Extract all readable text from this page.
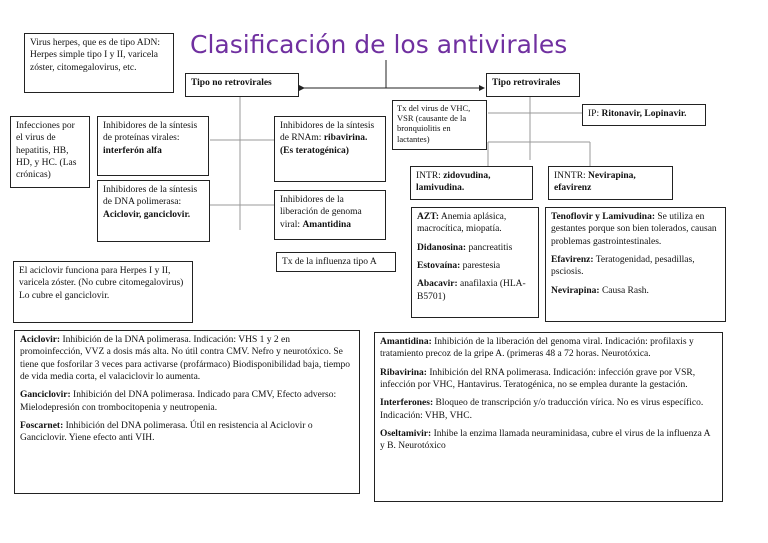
Clasificación de los antivirales
Virus herpes, que es de tipo ADN: Herpes simple tipo I y II, varicela zóster, citomegalovirus, etc.
Tipo no retrovirales	Tipo retrovirales
Infecciones por el virus de hepatitis, HB, HD, y HC. (Las crónicas)
Inhibidores de la síntesis de proteínas virales: interferón alfa
Inhibidores de la síntesis de RNAm: ribavirina. (Es teratogénica)
Inhibidores de la síntesis de DNA polimerasa: Aciclovir, ganciclovir.
Inhibidores de la liberación de genoma viral: Amantidina
Tx de la influenza tipo A
Tx del virus de VHC, VSR (causante de la bronquiolitis en lactantes)
IP: Ritonavir, Lopinavir.
INTR: zidovudina, lamivudina.
INNTR: Nevirapina, efavirenz

AZT: Anemia aplásica, macrocítica, miopatía.

Didanosina: pancreatitis

Estovaína: parestesia

Abacavir: anafilaxia (HLA- B5701)

Tenoflovir y Lamivudina: Se utiliza en gestantes porque son bien tolerados, causan problemas gastrointestinales.

Efavirenz: Teratogenidad, pesadillas, psciosis.

Nevirapina: Causa Rash.

El aciclovir funciona para Herpes I y II, varicela zóster. (No cubre citomegalovirus) Lo cubre el ganciclovir.

Aciclovir: Inhibición de la DNA polimerasa. Indicación: VHS 1 y 2 en promoinfección, VVZ a dosis más alta. No útil contra CMV. Nefro y neurotóxico. Se tiene que fosforilar 3 veces para activarse (profármaco) Biodisponibilidad baja, tiempo de vida media corta, el valaciclovir lo aumenta.

Ganciclovir: Inhibición del DNA polimerasa. Indicado para CMV, Efecto adverso: Mielodepresión con trombocitopenia y neutropenia.

Foscarnet: Inhibición del DNA polimerasa. Útil en resistencia al Aciclovir o Ganciclovir. Yiene efecto anti VIH.

Amantidina: Inhibición de la liberación del genoma viral. Indicación: profilaxis y tratamiento precoz de la gripe A. (primeras 48 a 72 horas. Neurotóxica.

Ribavirina: Inhibición del RNA polimerasa. Indicación: infección grave por VSR, infección por VHC, Hantavirus. Teratogénica, no se emplea durante la gestación.

Interferones: Bloqueo de transcripción y/o traducción vírica. No es virus específico. Indicación: VHB, VHC.

Oseltamivir: Inhibe la enzima llamada neuraminidasa, cubre el virus de la influenza A y B. Neurotóxico
